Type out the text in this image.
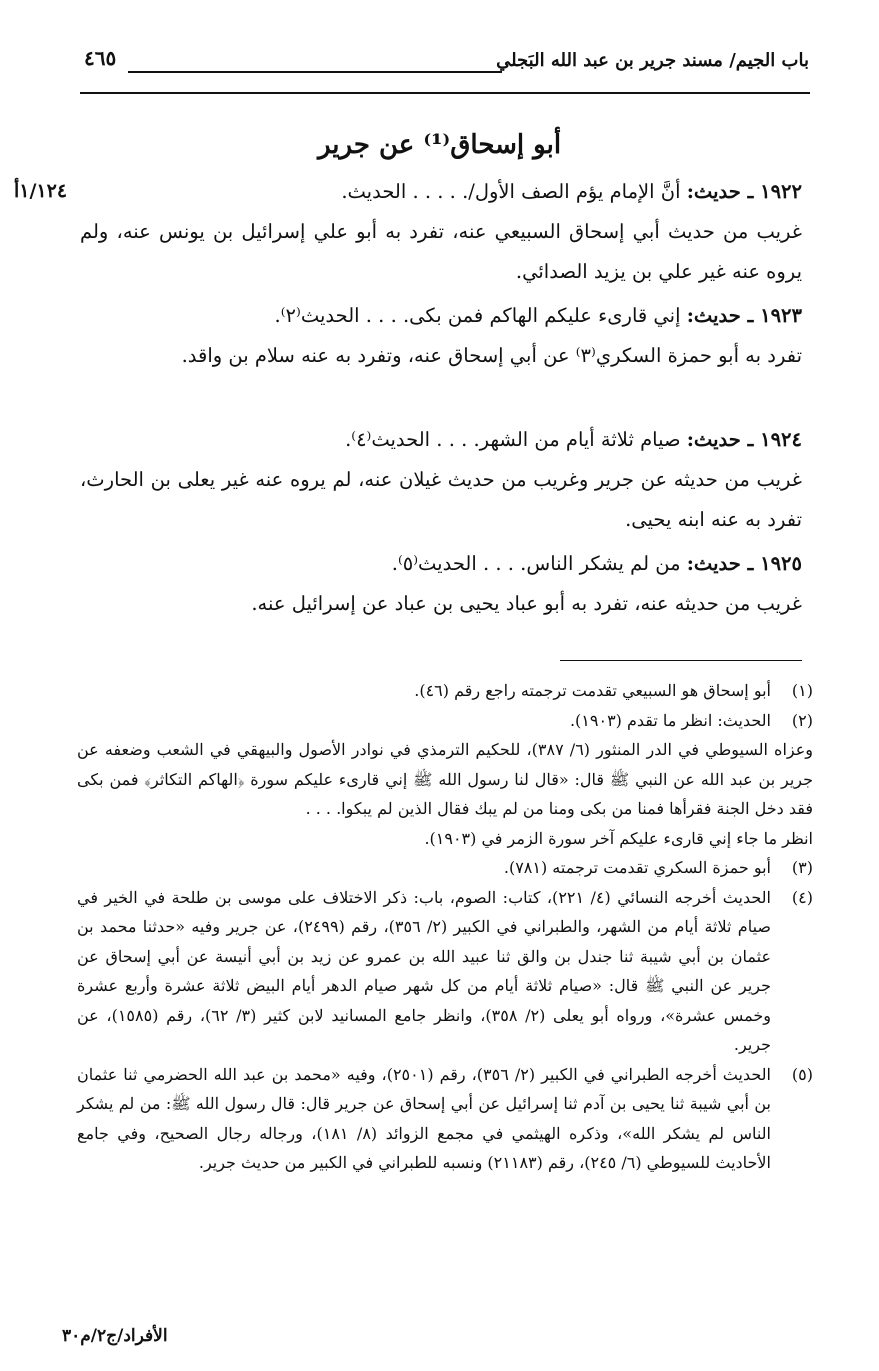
باب الجيم/ مسند جرير بن عبد الله البَجلي
٤٦٥
أبو إسحاق⁽¹⁾ عن جرير
١/١٢٤أ	١٩٢٢ ـ حديث: أنَّ الإمام يؤم الصف الأول/. . . . . الحديث.
غريب من حديث أبي إسحاق السبيعي عنه، تفرد به أبو علي إسرائيل بن يونس عنه، ولم يروه عنه غير علي بن يزيد الصدائي.
١٩٢٣ ـ حديث: إني قارىء عليكم الهاكم فمن بكى. . . . الحديث⁽٢⁾.
تفرد به أبو حمزة السكري⁽٣⁾ عن أبي إسحاق عنه، وتفرد به عنه سلام بن واقد.
١٩٢٤ ـ حديث: صيام ثلاثة أيام من الشهر. . . . الحديث⁽٤⁾.
غريب من حديثه عن جرير وغريب من حديث غيلان عنه، لم يروه عنه غير يعلى بن الحارث، تفرد به عنه ابنه يحيى.
١٩٢٥ ـ حديث: من لم يشكر الناس. . . . الحديث⁽٥⁾.
غريب من حديثه عنه، تفرد به أبو عباد يحيى بن عباد عن إسرائيل عنه.

(١)
أبو إسحاق هو السبيعي تقدمت ترجمته راجع رقم (٤٦).

(٢)
الحديث: انظر ما تقدم (١٩٠٣).

وعزاه السيوطي في الدر المنثور (٦/ ٣٨٧)، للحكيم الترمذي في نوادر الأصول والبيهقي في الشعب وضعفه عن جرير بن عبد الله عن النبي ﷺ قال: «قال لنا رسول الله ﷺ إني قارىء عليكم سورة ﴿الهاكم التكاثر﴾ فمن بكى فقد دخل الجنة فقرأها فمنا من بكى ومنا من لم يبك فقال الذين لم يبكوا. . . .

انظر ما جاء إني قارىء عليكم آخر سورة الزمر في (١٩٠٣).

(٣)
أبو حمزة السكري تقدمت ترجمته (٧٨١).

(٤)
الحديث أخرجه النسائي (٤/ ٢٢١)، كتاب: الصوم، باب: ذكر الاختلاف على موسى بن طلحة في الخير في صيام ثلاثة أيام من الشهر، والطبراني في الكبير (٢/ ٣٥٦)، رقم (٢٤٩٩)، عن جرير وفيه «حدثنا محمد بن عثمان بن أبي شيبة ثنا جندل بن والق ثنا عبيد الله بن عمرو عن زيد بن أبي أنيسة عن أبي إسحاق عن جرير عن النبي ﷺ قال: «صيام ثلاثة أيام من كل شهر صيام الدهر أيام البيض ثلاثة عشرة وأربع عشرة وخمس عشرة»، ورواه أبو يعلى (٢/ ٣٥٨)، وانظر جامع المسانيد لابن كثير (٣/ ٦٢)، رقم (١٥٨٥)، عن جرير.

(٥)
الحديث أخرجه الطبراني في الكبير (٢/ ٣٥٦)، رقم (٢٥٠١)، وفيه «محمد بن عبد الله الحضرمي ثنا عثمان بن أبي شيبة ثنا يحيى بن آدم ثنا إسرائيل عن أبي إسحاق عن جرير قال: قال رسول الله ﷺ: من لم يشكر الناس لم يشكر الله»، وذكره الهيثمي في مجمع الزوائد (٨/ ١٨١)، ورجاله رجال الصحيح، وفي جامع الأحاديث للسيوطي (٦/ ٢٤٥)، رقم (٢١١٨٣) ونسبه للطبراني في الكبير من حديث جرير.

الأفراد/ج٢/م٣٠
